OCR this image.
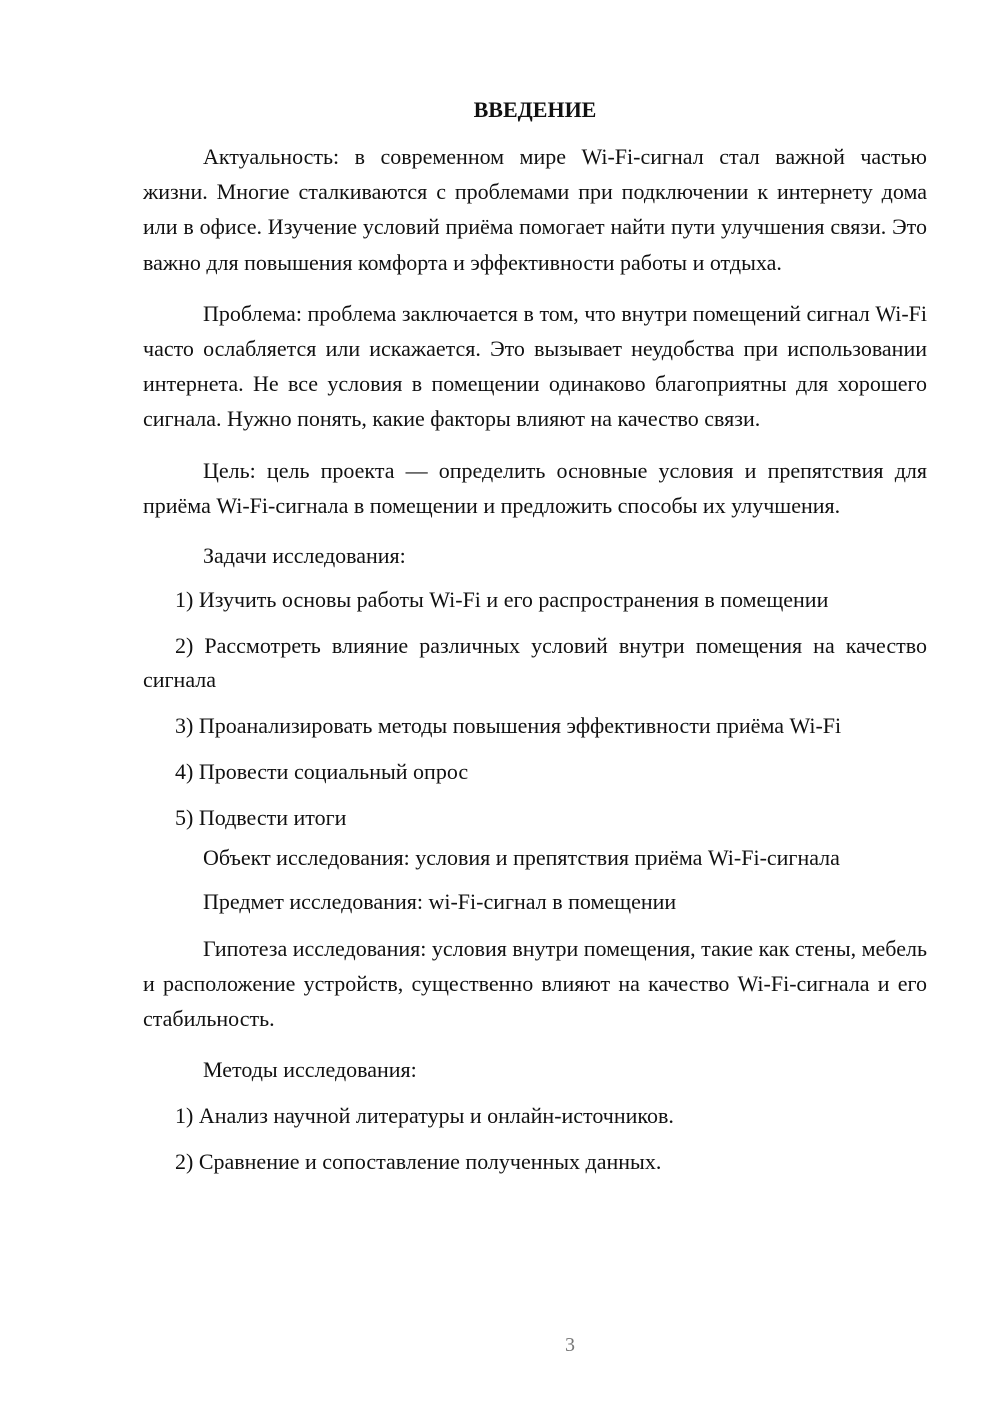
ВВЕДЕНИЕ

Актуальность: в современном мире Wi-Fi-сигнал стал важной частью жизни. Многие сталкиваются с проблемами при подключении к интернету дома или в офисе. Изучение условий приёма помогает найти пути улучшения связи. Это важно для повышения комфорта и эффективности работы и отдыха.

Проблема: проблема заключается в том, что внутри помещений сигнал Wi-Fi часто ослабляется или искажается. Это вызывает неудобства при использовании интернета. Не все условия в помещении одинаково благоприятны для хорошего сигнала. Нужно понять, какие факторы влияют на качество связи.

Цель: цель проекта — определить основные условия и препятствия для приёма Wi-Fi-сигнала в помещении и предложить способы их улучшения.

Задачи исследования:

1) Изучить основы работы Wi-Fi и его распространения в помещении

2) Рассмотреть влияние различных условий внутри помещения на качество сигнала

3) Проанализировать методы повышения эффективности приёма Wi-Fi

4) Провести социальный опрос

5) Подвести итоги

Объект исследования: условия и препятствия приёма Wi-Fi-сигнала
Предмет исследования: wi-Fi-сигнал в помещении

Гипотеза исследования: условия внутри помещения, такие как стены, мебель и расположение устройств, существенно влияют на качество Wi-Fi-сигнала и его стабильность.

Методы исследования:

1) Анализ научной литературы и онлайн-источников.

2) Сравнение и сопоставление полученных данных.

3
